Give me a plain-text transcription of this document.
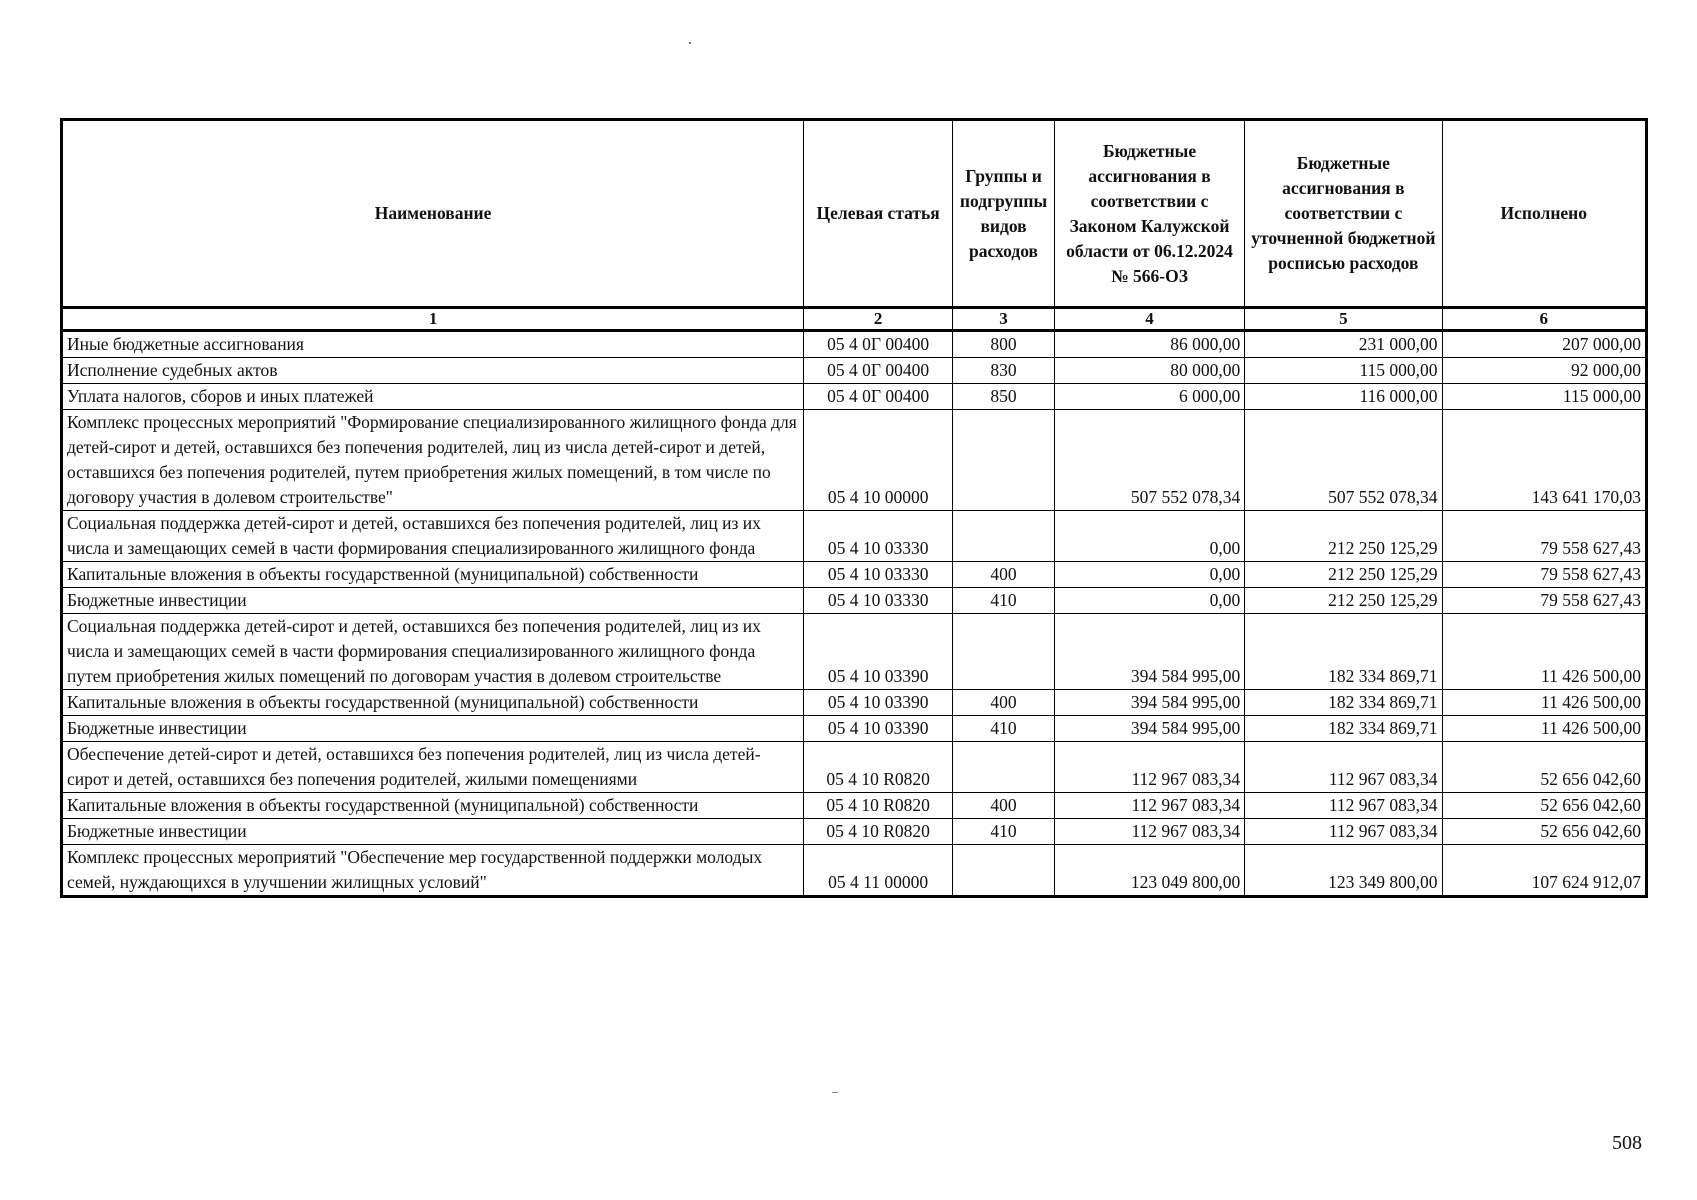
Наименование	Целевая статья	Группы и подгруппы видов расходов	Бюджетные ассигнования в соответствии с Законом Калужской области от 06.12.2024 № 566-ОЗ	Бюджетные ассигнования в соответствии с уточненной бюджетной росписью расходов	Исполнено
1	2	3	4	5	6
Иные бюджетные ассигнования	05 4 0Г 00400	800	86 000,00	231 000,00	207 000,00
Исполнение судебных актов	05 4 0Г 00400	830	80 000,00	115 000,00	92 000,00
Уплата налогов, сборов и иных платежей	05 4 0Г 00400	850	6 000,00	116 000,00	115 000,00
Комплекс процессных мероприятий "Формирование специализированного жилищного фонда для детей-сирот и детей, оставшихся без попечения родителей, лиц из числа детей-сирот и детей, оставшихся без попечения родителей, путем приобретения жилых помещений, в том числе по договору участия в долевом строительстве"	05 4 10 00000		507 552 078,34	507 552 078,34	143 641 170,03
Социальная поддержка детей-сирот и детей, оставшихся без попечения родителей, лиц из их числа и замещающих семей в части формирования специализированного жилищного фонда	05 4 10 03330		0,00	212 250 125,29	79 558 627,43
Капитальные вложения в объекты государственной (муниципальной) собственности	05 4 10 03330	400	0,00	212 250 125,29	79 558 627,43
Бюджетные инвестиции	05 4 10 03330	410	0,00	212 250 125,29	79 558 627,43
Социальная поддержка детей-сирот и детей, оставшихся без попечения родителей, лиц из их числа и замещающих семей в части формирования специализированного жилищного фонда путем приобретения жилых помещений по договорам участия в долевом строительстве	05 4 10 03390		394 584 995,00	182 334 869,71	11 426 500,00
Капитальные вложения в объекты государственной (муниципальной) собственности	05 4 10 03390	400	394 584 995,00	182 334 869,71	11 426 500,00
Бюджетные инвестиции	05 4 10 03390	410	394 584 995,00	182 334 869,71	11 426 500,00
Обеспечение детей-сирот и детей, оставшихся без попечения родителей, лиц из числа детей-сирот и детей, оставшихся без попечения родителей, жилыми помещениями	05 4 10 R0820		112 967 083,34	112 967 083,34	52 656 042,60
Капитальные вложения в объекты государственной (муниципальной) собственности	05 4 10 R0820	400	112 967 083,34	112 967 083,34	52 656 042,60
Бюджетные инвестиции	05 4 10 R0820	410	112 967 083,34	112 967 083,34	52 656 042,60
Комплекс процессных мероприятий "Обеспечение мер государственной поддержки молодых семей, нуждающихся в улучшении жилищных условий"	05 4 11 00000		123 049 800,00	123 349 800,00	107 624 912,07
508
